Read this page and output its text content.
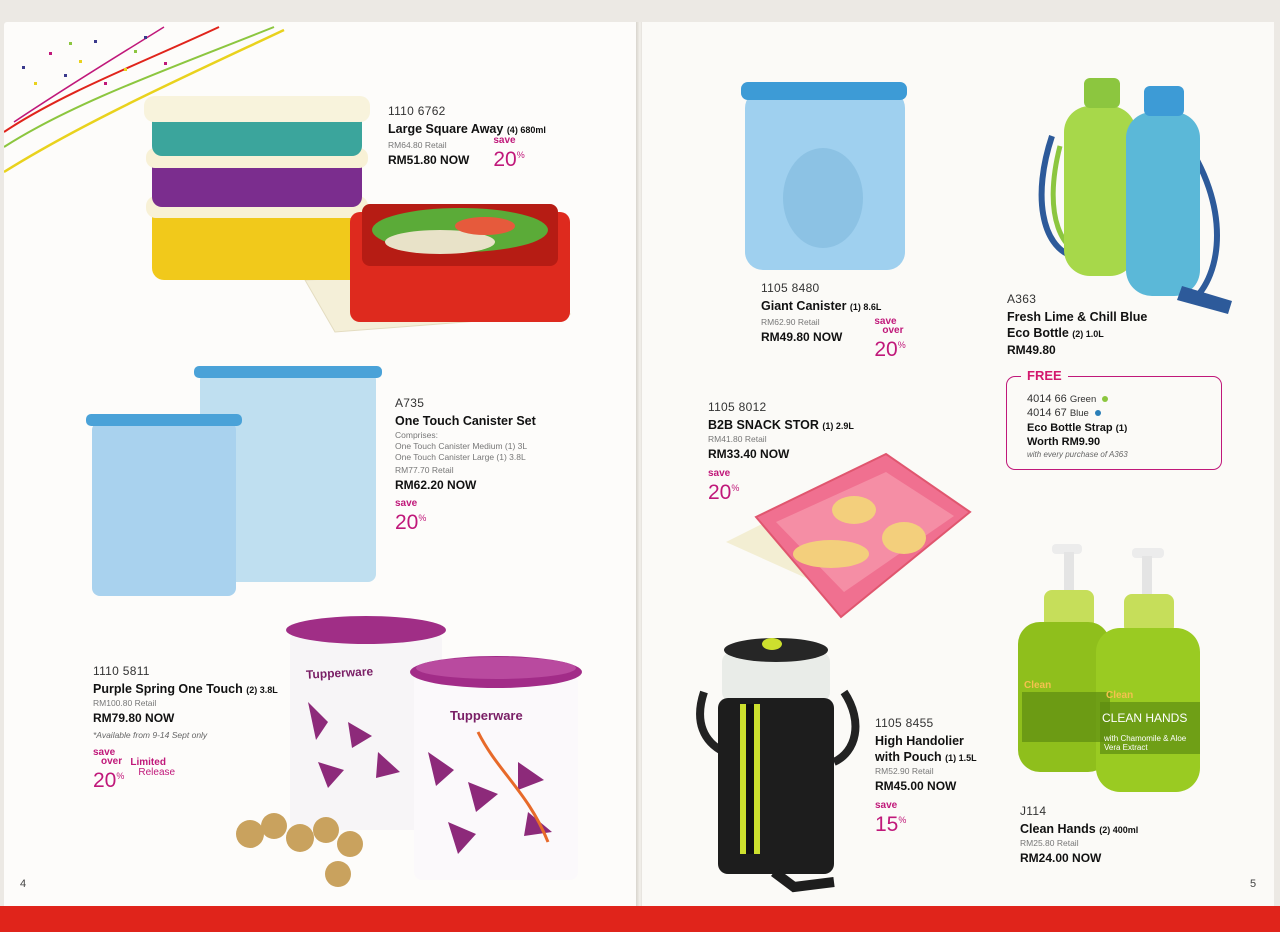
1110 6762
Large Square Away (4) 680ml
RM64.80 Retail
RM51.80 NOW
save
20%
A735
One Touch Canister Set
Comprises:
One Touch Canister Medium (1) 3L
One Touch Canister Large (1) 3.8L
RM77.70 Retail
RM62.20 NOW
save
20%
Tupperware
Tupperware
1110 5811
Purple Spring One Touch (2) 3.8L
RM100.80 Retail
RM79.80 NOW
*Available from 9-14 Sept only
save
over
20%
Limited
Release
4
1105 8480
Giant Canister (1) 8.6L
RM62.90 Retail
RM49.80 NOW
save
over
20%
A363
Fresh Lime & Chill Blue
Eco Bottle (2) 1.0L
RM49.80
FREE
4014 66 Green
4014 67 Blue
Eco Bottle Strap (1)
Worth RM9.90
with every purchase of A363
1105 8012
B2B SNACK STOR (1) 2.9L
RM41.80 Retail
RM33.40 NOW
save
20%
1105 8455
High Handolier
with Pouch (1) 1.5L
RM52.90 Retail
RM45.00 NOW
save
15%
Clean
Clean
CLEAN HANDS
with Chamomile & Aloe Vera Extract
J114
Clean Hands (2) 400ml
RM25.80 Retail
RM24.00 NOW
5
